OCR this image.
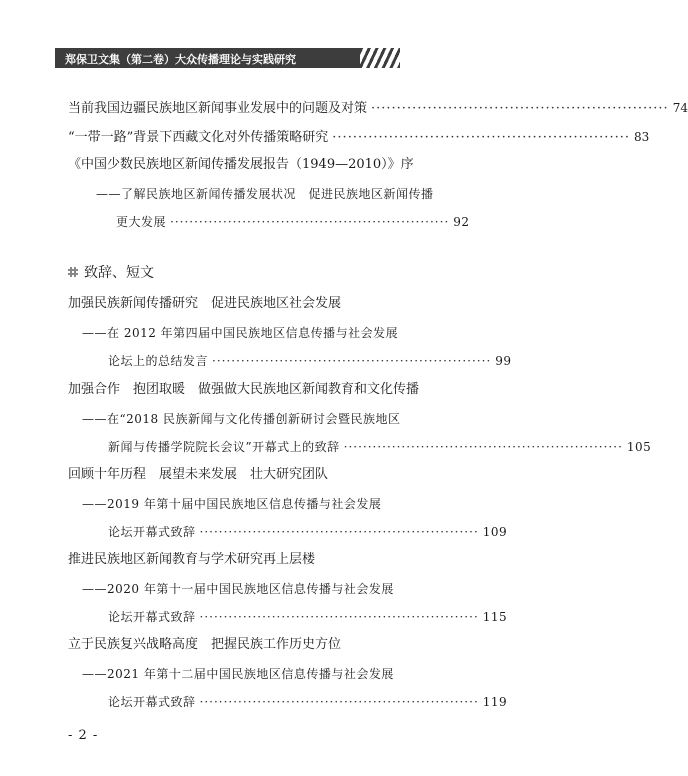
郑保卫文集（第二卷）大众传播理论与实践研究
当前我国边疆民族地区新闻事业发展中的问题及对策 ·························································· 74
“一带一路”背景下西藏文化对外传播策略研究 ·························································· 83
《中国少数民族地区新闻传播发展报告（1949—2010）》序
——了解民族地区新闻传播发展状况　促进民族地区新闻传播
更大发展 ·························································· 92
致辞、短文
加强民族新闻传播研究　促进民族地区社会发展
——在 2012 年第四届中国民族地区信息传播与社会发展
论坛上的总结发言 ·························································· 99
加强合作　抱团取暖　做强做大民族地区新闻教育和文化传播
——在“2018 民族新闻与文化传播创新研讨会暨民族地区
新闻与传播学院院长会议”开幕式上的致辞 ·························································· 105
回顾十年历程　展望未来发展　壮大研究团队
——2019 年第十届中国民族地区信息传播与社会发展
论坛开幕式致辞 ·························································· 109
推进民族地区新闻教育与学术研究再上层楼
——2020 年第十一届中国民族地区信息传播与社会发展
论坛开幕式致辞 ·························································· 115
立于民族复兴战略高度　把握民族工作历史方位
——2021 年第十二届中国民族地区信息传播与社会发展
论坛开幕式致辞 ·························································· 119
- 2 -
